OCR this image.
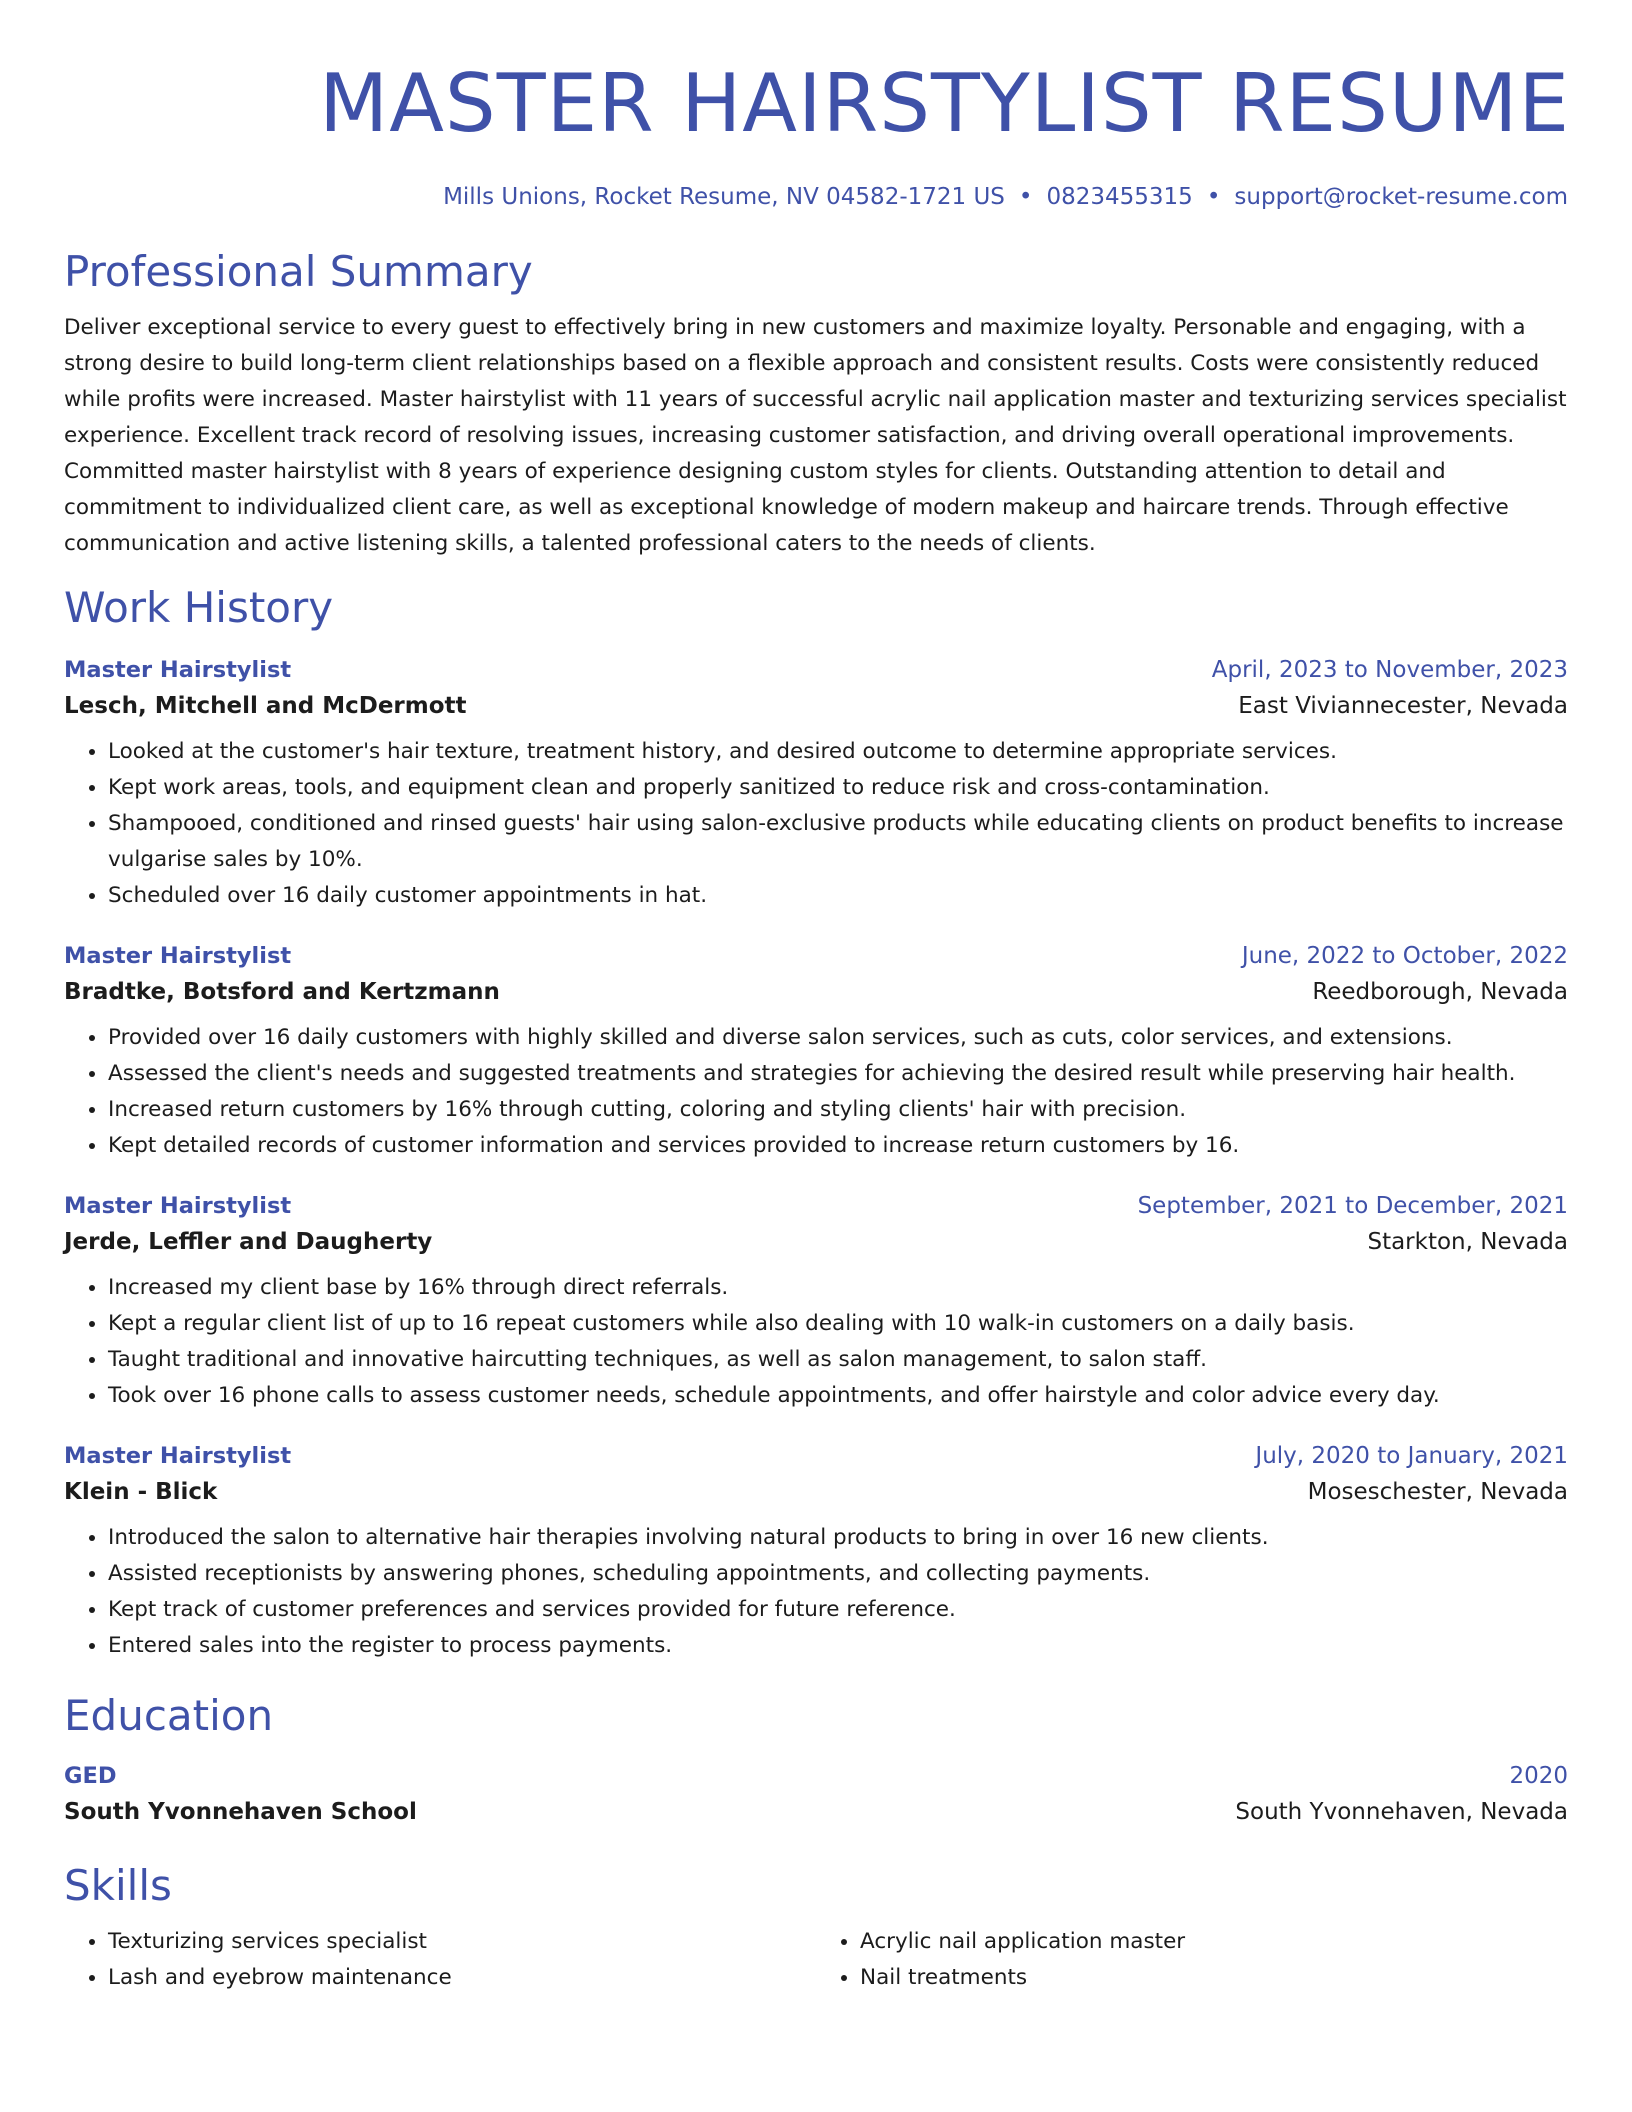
MASTER HAIRSTYLIST RESUME
Mills Unions, Rocket Resume, NV 04582-1721 US • 0823455315 • support@rocket-resume.com
Professional Summary
Deliver exceptional service to every guest to effectively bring in new customers and maximize loyalty. Personable and engaging, with a strong desire to build long-term client relationships based on a flexible approach and consistent results. Costs were consistently reduced while profits were increased. Master hairstylist with 11 years of successful acrylic nail application master and texturizing services specialist experience. Excellent track record of resolving issues, increasing customer satisfaction, and driving overall operational improvements. Committed master hairstylist with 8 years of experience designing custom styles for clients. Outstanding attention to detail and commitment to individualized client care, as well as exceptional knowledge of modern makeup and haircare trends. Through effective communication and active listening skills, a talented professional caters to the needs of clients.
Work History
Master Hairstylist	April, 2023 to November, 2023
Lesch, Mitchell and McDermott	East Viviannecester, Nevada
• Looked at the customer's hair texture, treatment history, and desired outcome to determine appropriate services.
• Kept work areas, tools, and equipment clean and properly sanitized to reduce risk and cross-contamination.
• Shampooed, conditioned and rinsed guests' hair using salon-exclusive products while educating clients on product benefits to increase vulgarise sales by 10%.
• Scheduled over 16 daily customer appointments in hat.
Master Hairstylist	June, 2022 to October, 2022
Bradtke, Botsford and Kertzmann	Reedborough, Nevada
• Provided over 16 daily customers with highly skilled and diverse salon services, such as cuts, color services, and extensions.
• Assessed the client's needs and suggested treatments and strategies for achieving the desired result while preserving hair health.
• Increased return customers by 16% through cutting, coloring and styling clients' hair with precision.
• Kept detailed records of customer information and services provided to increase return customers by 16.
Master Hairstylist	September, 2021 to December, 2021
Jerde, Leffler and Daugherty	Starkton, Nevada
• Increased my client base by 16% through direct referrals.
• Kept a regular client list of up to 16 repeat customers while also dealing with 10 walk-in customers on a daily basis.
• Taught traditional and innovative haircutting techniques, as well as salon management, to salon staff.
• Took over 16 phone calls to assess customer needs, schedule appointments, and offer hairstyle and color advice every day.
Master Hairstylist	July, 2020 to January, 2021
Klein - Blick	Moseschester, Nevada
• Introduced the salon to alternative hair therapies involving natural products to bring in over 16 new clients.
• Assisted receptionists by answering phones, scheduling appointments, and collecting payments.
• Kept track of customer preferences and services provided for future reference.
• Entered sales into the register to process payments.
Education
GED	2020
South Yvonnehaven School	South Yvonnehaven, Nevada
Skills
• Texturizing services specialist
• Lash and eyebrow maintenance
• Acrylic nail application master
• Nail treatments
